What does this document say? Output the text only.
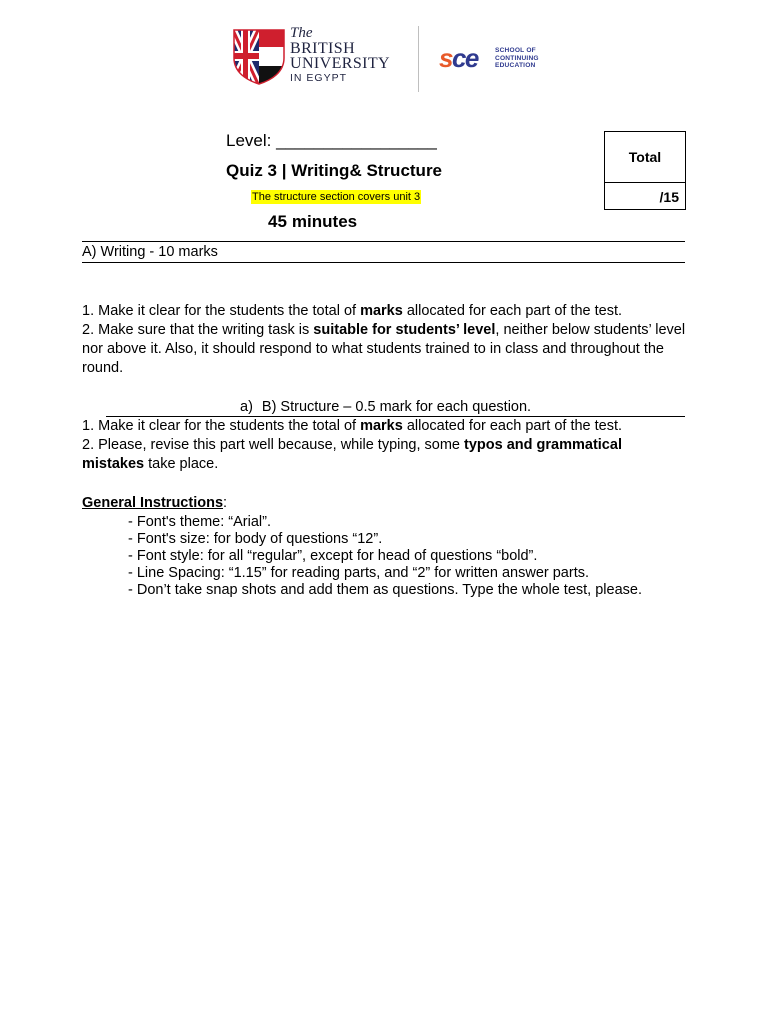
The
BRITISH
UNIVERSITY
IN EGYPT
sce	SCHOOL OF
CONTINUING
EDUCATION
Level: _________________
Quiz 3 | Writing& Structure
The structure section covers unit 3
45 minutes
Total
/15
A) Writing - 10 marks
1. Make it clear for the students the total of marks allocated for each part of the test.
2. Make sure that the writing task is suitable for students’ level, neither below students’ level nor above it. Also, it should respond to what students trained to in class and throughout the round.
a) B) Structure – 0.5 mark for each question.
1. Make it clear for the students the total of marks allocated for each part of the test.
2. Please, revise this part well because, while typing, some typos and grammatical mistakes take place.
General Instructions:
- Font's theme: “Arial”.
- Font's size: for body of questions “12”.
- Font style: for all “regular”, except for head of questions “bold”.
- Line Spacing: “1.15” for reading parts, and “2” for written answer parts.
- Don’t take snap shots and add them as questions. Type the whole test, please.
